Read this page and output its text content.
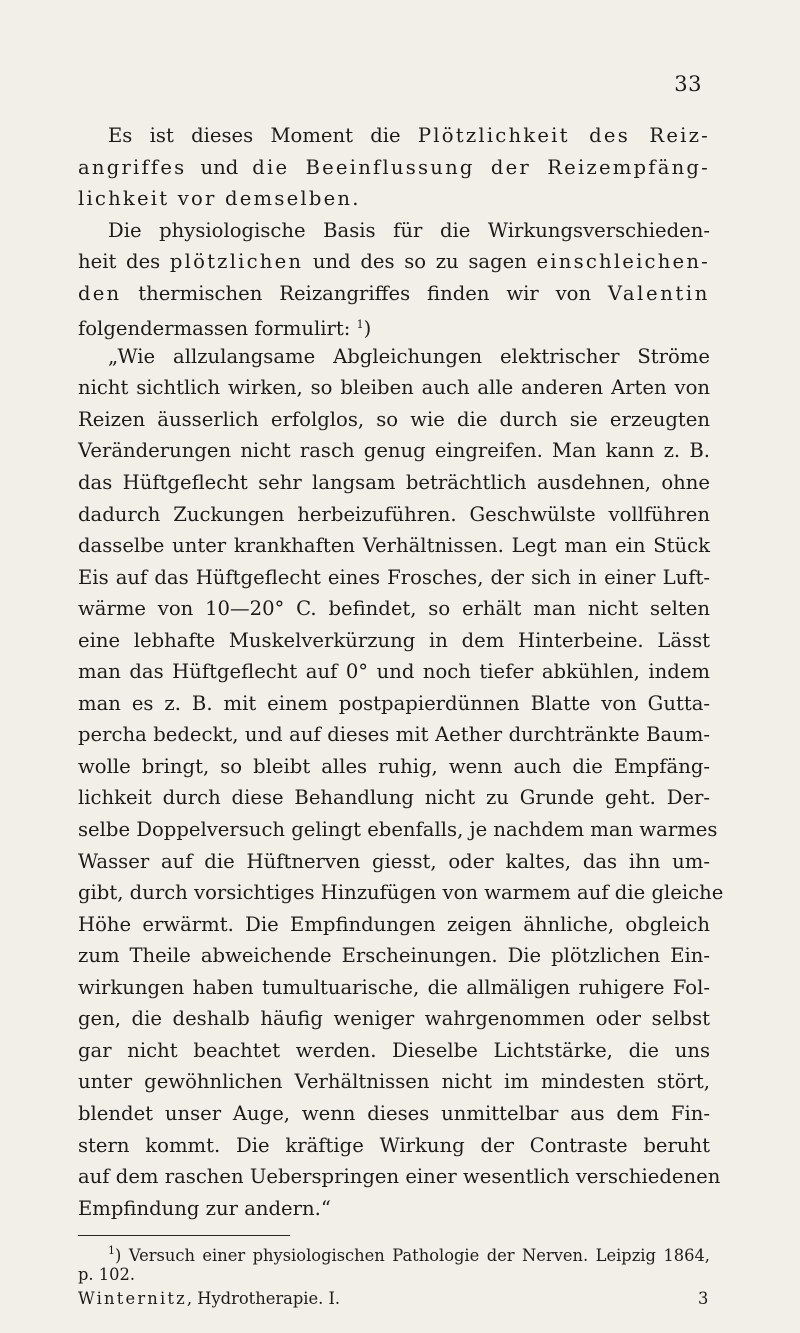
33
Es ist dieses Moment die Plötzlichkeit des Reiz-
angriffes und die Beeinflussung der Reizempfäng-
lichkeit vor demselben.
Die physiologische Basis für die Wirkungsverschieden-
heit des plötzlichen und des so zu sagen einschleichen-
den thermischen Reizangriffes finden wir von Valentin
folgendermassen formulirt: $^1$)
„Wie allzulangsame Abgleichungen elektrischer Ströme
nicht sichtlich wirken, so bleiben auch alle anderen Arten von
Reizen äusserlich erfolglos, so wie die durch sie erzeugten
Veränderungen nicht rasch genug eingreifen. Man kann z. B.
das Hüftgeflecht sehr langsam beträchtlich ausdehnen, ohne
dadurch Zuckungen herbeizuführen. Geschwülste vollführen
dasselbe unter krankhaften Verhältnissen. Legt man ein Stück
Eis auf das Hüftgeflecht eines Frosches, der sich in einer Luft-
wärme von 10—20° C. befindet, so erhält man nicht selten
eine lebhafte Muskelverkürzung in dem Hinterbeine. Lässt
man das Hüftgeflecht auf 0° und noch tiefer abkühlen, indem
man es z. B. mit einem postpapierdünnen Blatte von Gutta-
percha bedeckt, und auf dieses mit Aether durchtränkte Baum-
wolle bringt, so bleibt alles ruhig, wenn auch die Empfäng-
lichkeit durch diese Behandlung nicht zu Grunde geht. Der-
selbe Doppelversuch gelingt ebenfalls, je nachdem man warmes
Wasser auf die Hüftnerven giesst, oder kaltes, das ihn um-
gibt, durch vorsichtiges Hinzufügen von warmem auf die gleiche
Höhe erwärmt. Die Empfindungen zeigen ähnliche, obgleich
zum Theile abweichende Erscheinungen. Die plötzlichen Ein-
wirkungen haben tumultuarische, die allmäligen ruhigere Fol-
gen, die deshalb häufig weniger wahrgenommen oder selbst
gar nicht beachtet werden. Dieselbe Lichtstärke, die uns
unter gewöhnlichen Verhältnissen nicht im mindesten stört,
blendet unser Auge, wenn dieses unmittelbar aus dem Fin-
stern kommt. Die kräftige Wirkung der Contraste beruht
auf dem raschen Ueberspringen einer wesentlich verschiedenen
Empfindung zur andern.“
$^1$) Versuch einer physiologischen Pathologie der Nerven. Leipzig 1864,
p. 102.
Winternitz, Hydrotherapie. I.	3
